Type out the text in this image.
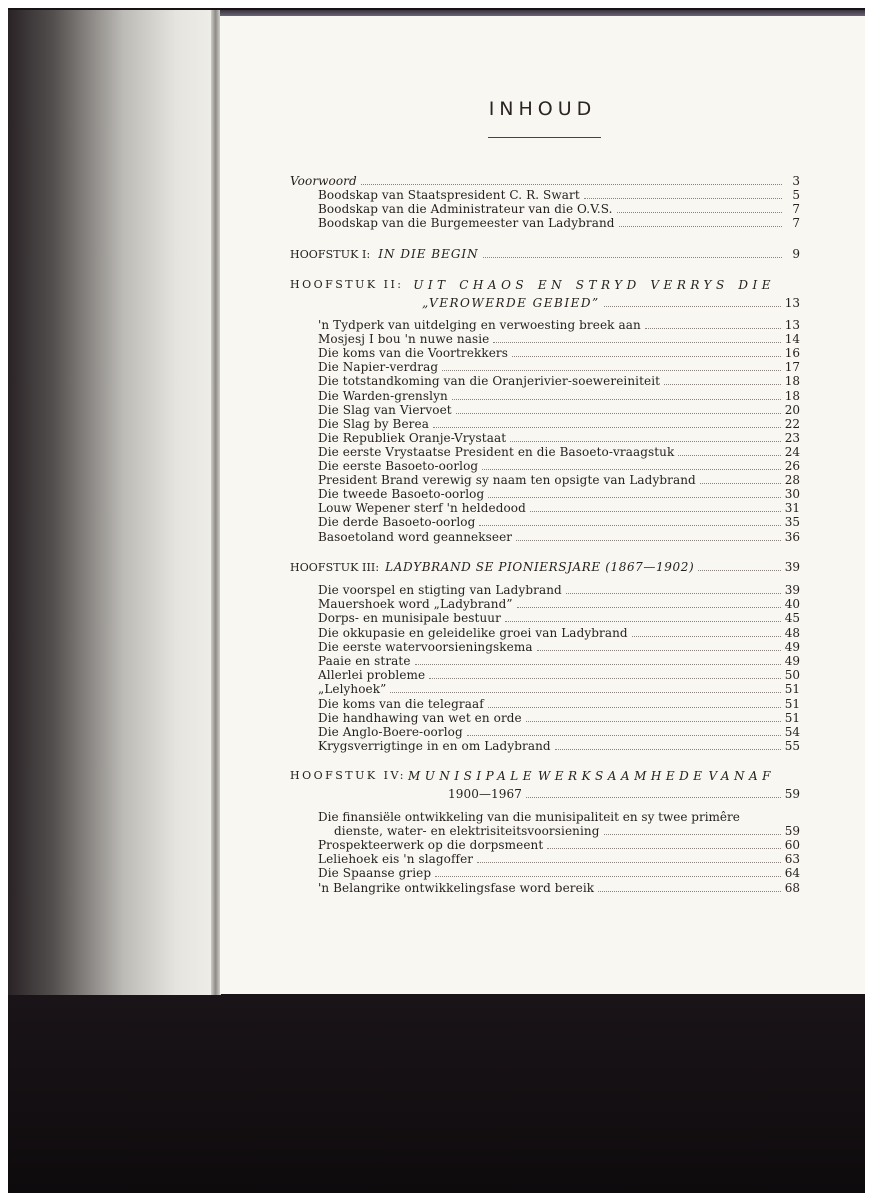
INHOUD
Voorwoord	3
Boodskap van Staatspresident C. R. Swart	5
Boodskap van die Administrateur van die O.V.S.	7
Boodskap van die Burgemeester van Ladybrand	7
HOOFSTUK I: IN DIE BEGIN	9
HOOFSTUK II: UIT CHAOS EN STRYD VERRYS DIE
„VEROWERDE GEBIED”	13
'n Tydperk van uitdelging en verwoesting breek aan	13
Mosjesj I bou 'n nuwe nasie	14
Die koms van die Voortrekkers	16
Die Napier-verdrag	17
Die totstandkoming van die Oranjerivier-soewereiniteit	18
Die Warden-grenslyn	18
Die Slag van Viervoet	20
Die Slag by Berea	22
Die Republiek Oranje-Vrystaat	23
Die eerste Vrystaatse President en die Basoeto-vraagstuk	24
Die eerste Basoeto-oorlog	26
President Brand verewig sy naam ten opsigte van Ladybrand	28
Die tweede Basoeto-oorlog	30
Louw Wepener sterf 'n heldedood	31
Die derde Basoeto-oorlog	35
Basoetoland word geannekseer	36
HOOFSTUK III: LADYBRAND SE PIONIERSJARE (1867—1902)	39
Die voorspel en stigting van Ladybrand	39
Mauershoek word „Ladybrand”	40
Dorps- en munisipale bestuur	45
Die okkupasie en geleidelike groei van Ladybrand	48
Die eerste watervoorsieningskema	49
Paaie en strate	49
Allerlei probleme	50
„Lelyhoek”	51
Die koms van die telegraaf	51
Die handhawing van wet en orde	51
Die Anglo-Boere-oorlog	54
Krygsverrigtinge in en om Ladybrand	55
HOOFSTUK IV: MUNISIPALE WERKSAAMHEDE VANAF
1900—1967	59
Die finansiële ontwikkeling van die munisipaliteit en sy twee primêre
dienste, water- en elektrisiteitsvoorsiening	59
Prospekteerwerk op die dorpsmeent	60
Leliehoek eis 'n slagoffer	63
Die Spaanse griep	64
'n Belangrike ontwikkelingsfase word bereik	68
